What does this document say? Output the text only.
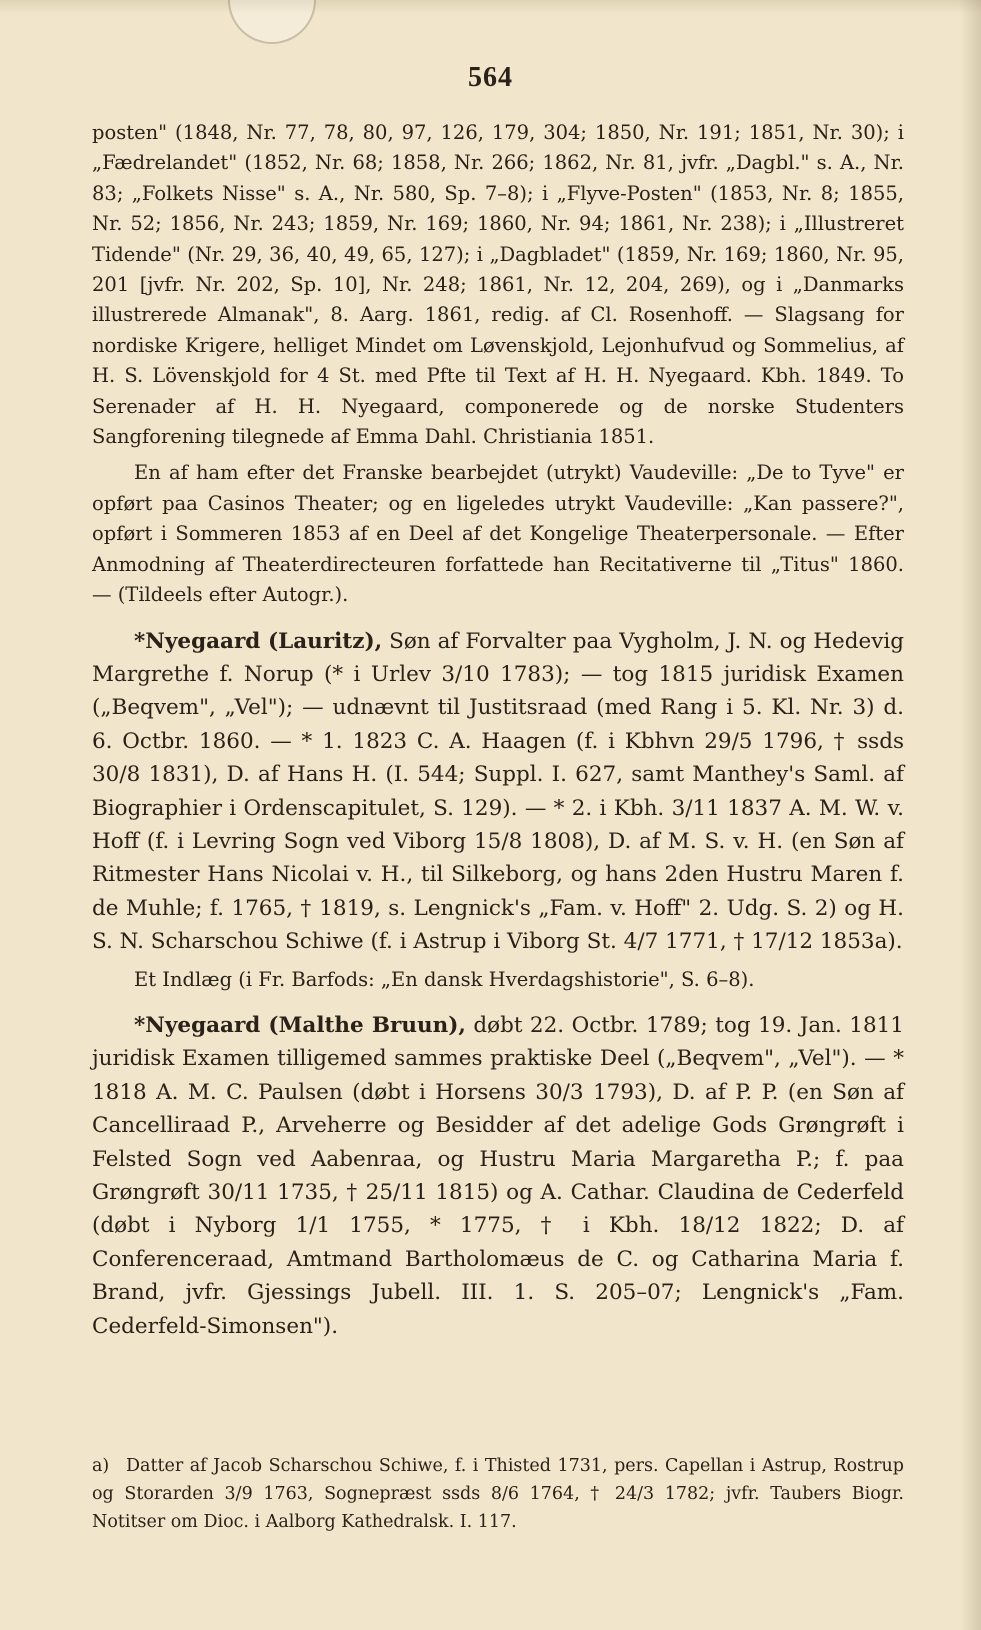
564

posten" (1848, Nr. 77, 78, 80, 97, 126, 179, 304; 1850, Nr. 191; 1851, Nr. 30); i „Fædrelandet" (1852, Nr. 68; 1858, Nr. 266; 1862, Nr. 81, jvfr. „Dagbl." s. A., Nr. 83; „Folkets Nisse" s. A., Nr. 580, Sp. 7–8); i „Flyve-Posten" (1853, Nr. 8; 1855, Nr. 52; 1856, Nr. 243; 1859, Nr. 169; 1860, Nr. 94; 1861, Nr. 238); i „Illustreret Tidende" (Nr. 29, 36, 40, 49, 65, 127); i „Dagbladet" (1859, Nr. 169; 1860, Nr. 95, 201 [jvfr. Nr. 202, Sp. 10], Nr. 248; 1861, Nr. 12, 204, 269), og i „Danmarks illustrerede Almanak", 8. Aarg. 1861, redig. af Cl. Rosenhoff. — Slagsang for nordiske Krigere, helliget Mindet om Løvenskjold, Lejonhufvud og Sommelius, af H. S. Lövenskjold for 4 St. med Pfte til Text af H. H. Nyegaard. Kbh. 1849. To Serenader af H. H. Nyegaard, componerede og de norske Studenters Sangforening tilegnede af Emma Dahl. Christiania 1851.

En af ham efter det Franske bearbejdet (utrykt) Vaudeville: „De to Tyve" er opført paa Casinos Theater; og en ligeledes utrykt Vaudeville: „Kan passere?", opført i Sommeren 1853 af en Deel af det Kongelige Theaterpersonale. — Efter Anmodning af Theaterdirecteuren forfattede han Recitativerne til „Titus" 1860. — (Tildeels efter Autogr.).

*Nyegaard (Lauritz), Søn af Forvalter paa Vygholm, J. N. og Hedevig Margrethe f. Norup (* i Urlev 3/10 1783); — tog 1815 juridisk Examen („Beqvem", „Vel"); — udnævnt til Justitsraad (med Rang i 5. Kl. Nr. 3) d. 6. Octbr. 1860. — * 1. 1823 C. A. Haagen (f. i Kbhvn 29/5 1796, † ssds 30/8 1831), D. af Hans H. (I. 544; Suppl. I. 627, samt Manthey's Saml. af Biographier i Ordenscapitulet, S. 129). — * 2. i Kbh. 3/11 1837 A. M. W. v. Hoff (f. i Levring Sogn ved Viborg 15/8 1808), D. af M. S. v. H. (en Søn af Ritmester Hans Nicolai v. H., til Silkeborg, og hans 2den Hustru Maren f. de Muhle; f. 1765, † 1819, s. Lengnick's „Fam. v. Hoff" 2. Udg. S. 2) og H. S. N. Scharschou Schiwe (f. i Astrup i Viborg St. 4/7 1771, † 17/12 1853a).

Et Indlæg (i Fr. Barfods: „En dansk Hverdagshistorie", S. 6–8).

*Nyegaard (Malthe Bruun), døbt 22. Octbr. 1789; tog 19. Jan. 1811 juridisk Examen tilligemed sammes praktiske Deel („Beqvem", „Vel"). — * 1818 A. M. C. Paulsen (døbt i Horsens 30/3 1793), D. af P. P. (en Søn af Cancelliraad P., Arveherre og Besidder af det adelige Gods Grøngrøft i Felsted Sogn ved Aabenraa, og Hustru Maria Margaretha P.; f. paa Grøngrøft 30/11 1735, † 25/11 1815) og A. Cathar. Claudina de Cederfeld (døbt i Nyborg 1/1 1755, * 1775, † i Kbh. 18/12 1822; D. af Conferenceraad, Amtmand Bartholomæus de C. og Catharina Maria f. Brand, jvfr. Gjessings Jubell. III. 1. S. 205–07; Lengnick's „Fam. Cederfeld-Simonsen").

a) Datter af Jacob Scharschou Schiwe, f. i Thisted 1731, pers. Capellan i Astrup, Rostrup og Storarden 3/9 1763, Sognepræst ssds 8/6 1764, † 24/3 1782; jvfr. Taubers Biogr. Notitser om Dioc. i Aalborg Kathedralsk. I. 117.
